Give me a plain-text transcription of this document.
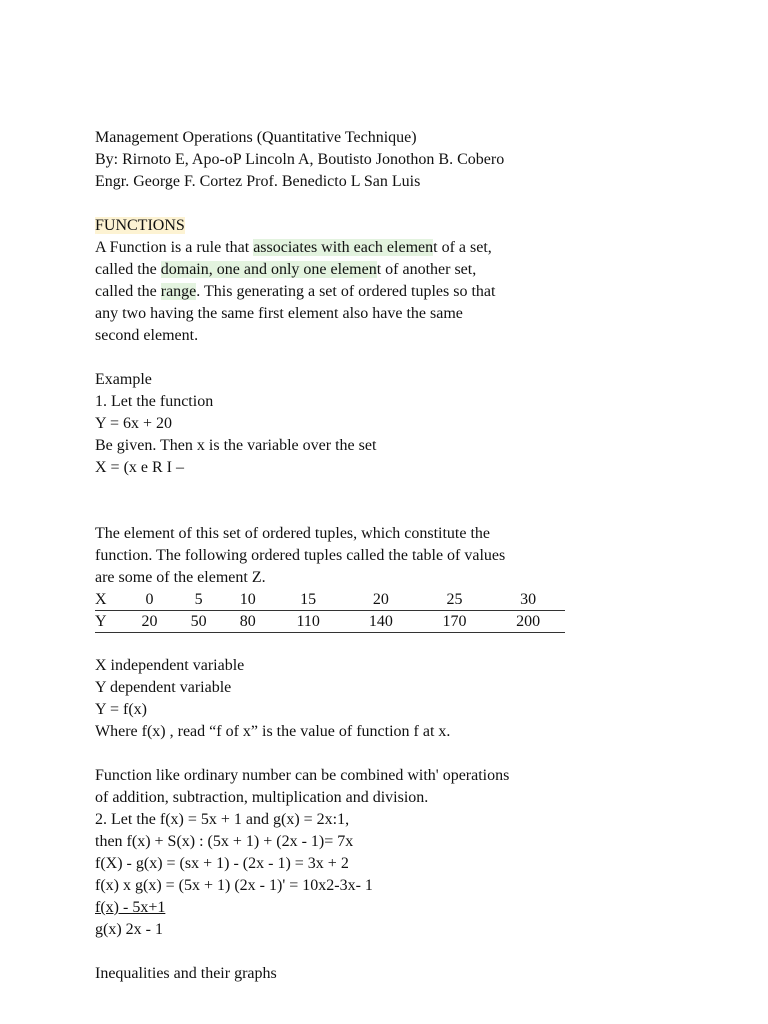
Management Operations (Quantitative Technique)
By: Rirnoto E, Apo-oP Lincoln A, Boutisto Jonothon B. Cobero
Engr. George F. Cortez Prof. Benedicto L San Luis
FUNCTIONS
A Function is a rule that associates with each element of a set,
called the domain, one and only one element of another set,
called the range. This generating a set of ordered tuples so that
any two having the same first element also have the same
second element.
Example
1. Let the function
Y = 6x + 20
Be given. Then x is the variable over the set
X = (x e R I –
The element of this set of ordered tuples, which constitute the
function. The following ordered tuples called the table of values
are some of the element Z.
X	0	5	10	15	20	25	30
Y	20	50	80	110	140	170	200
X independent variable
Y dependent variable
Y = f(x)
Where f(x) , read “f of x” is the value of function f at x.
Function like ordinary number can be combined with' operations
of addition, subtraction, multiplication and division.
2. Let the f(x) = 5x + 1 and g(x) = 2x:1,
then f(x) + S(x) : (5x + 1) + (2x - 1)= 7x
f(X) - g(x) = (sx + 1) - (2x - 1) = 3x + 2
f(x) x g(x) = (5x + 1) (2x - 1)' = 10x2-3x- 1
f(x) - 5x+1
g(x) 2x - 1
Inequalities and their graphs
